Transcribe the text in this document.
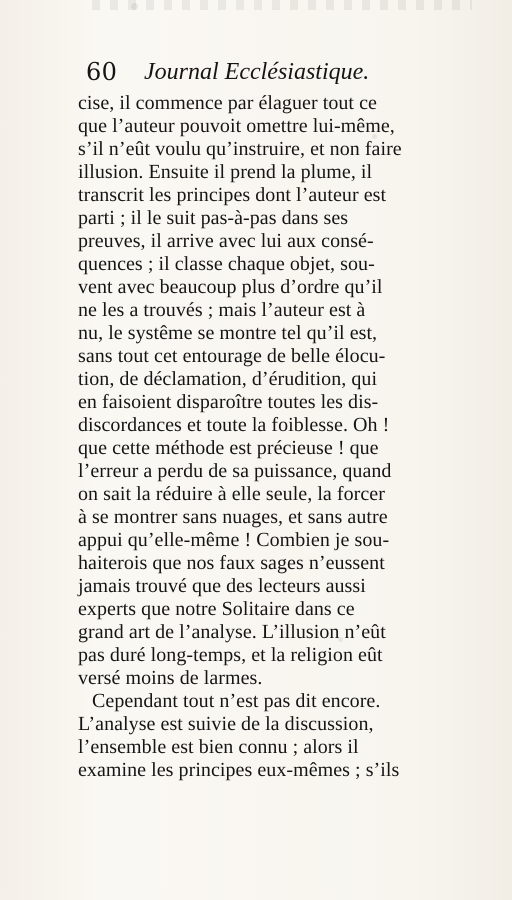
60 Journal Ecclésiastique.
cise, il commence par élaguer tout ce
que l’auteur pouvoit omettre lui-même,
s’il n’eût voulu qu’instruire, et non faire
illusion. Ensuite il prend la plume, il
transcrit les principes dont l’auteur est
parti ; il le suit pas-à-pas dans ses
preuves, il arrive avec lui aux consé-
quences ; il classe chaque objet, sou-
vent avec beaucoup plus d’ordre qu’il
ne les a trouvés ; mais l’auteur est à
nu, le systême se montre tel qu’il est,
sans tout cet entourage de belle élocu-
tion, de déclamation, d’érudition, qui
en faisoient disparoître toutes les dis-
discordances et toute la foiblesse. Oh !
que cette méthode est précieuse ! que
l’erreur a perdu de sa puissance, quand
on sait la réduire à elle seule, la forcer
à se montrer sans nuages, et sans autre
appui qu’elle-même ! Combien je sou-
haiterois que nos faux sages n’eussent
jamais trouvé que des lecteurs aussi
experts que notre Solitaire dans ce
grand art de l’analyse. L’illusion n’eût
pas duré long-temps, et la religion eût
versé moins de larmes.
Cependant tout n’est pas dit encore.
L’analyse est suivie de la discussion,
l’ensemble est bien connu ; alors il
examine les principes eux-mêmes ; s’ils
